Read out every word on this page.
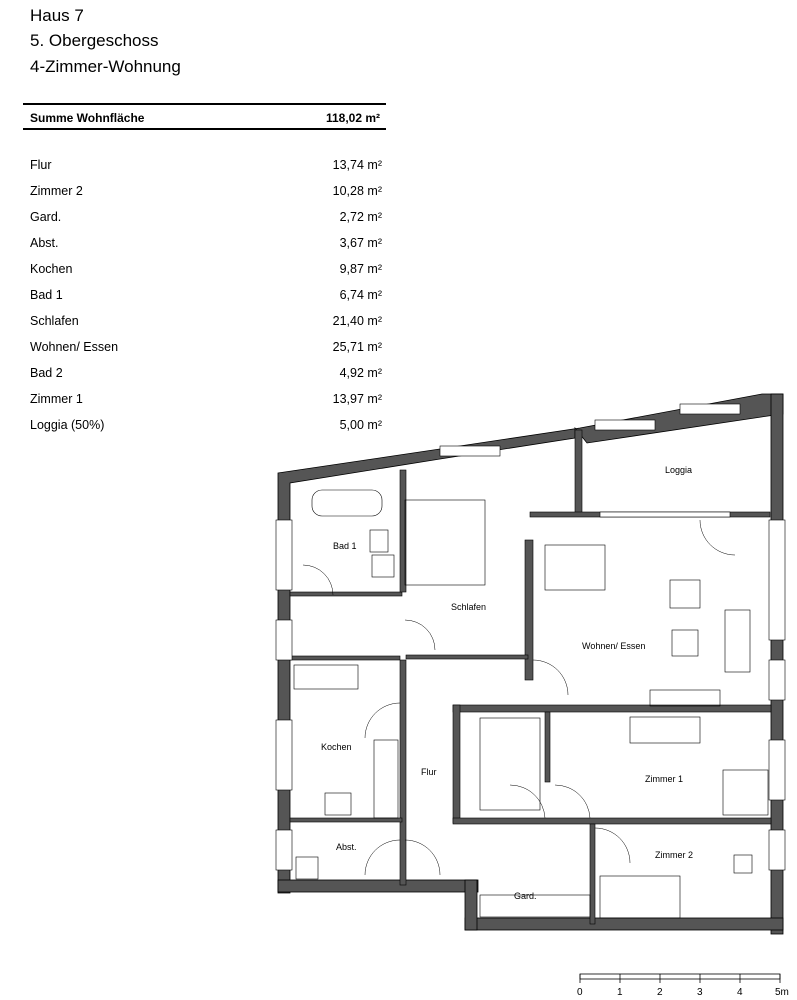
Haus 7
5. Obergeschoss
4-Zimmer-Wohnung
Summe Wohnfläche	118,02 m²
Flur	13,74 m²
Zimmer 2	10,28 m²
Gard.	2,72 m²
Abst.	3,67 m²
Kochen	9,87 m²
Bad 1	6,74 m²
Schlafen	21,40 m²
Wohnen/ Essen	25,71 m²
Bad 2	4,92 m²
Zimmer 1	13,97 m²
Loggia (50%)	5,00 m²
Loggia
Bad 1
Schlafen
Wohnen/ Essen
Kochen
Flur
Zimmer 1
Zimmer 2
Abst.
Gard.
0	1	2	3	4	5m
